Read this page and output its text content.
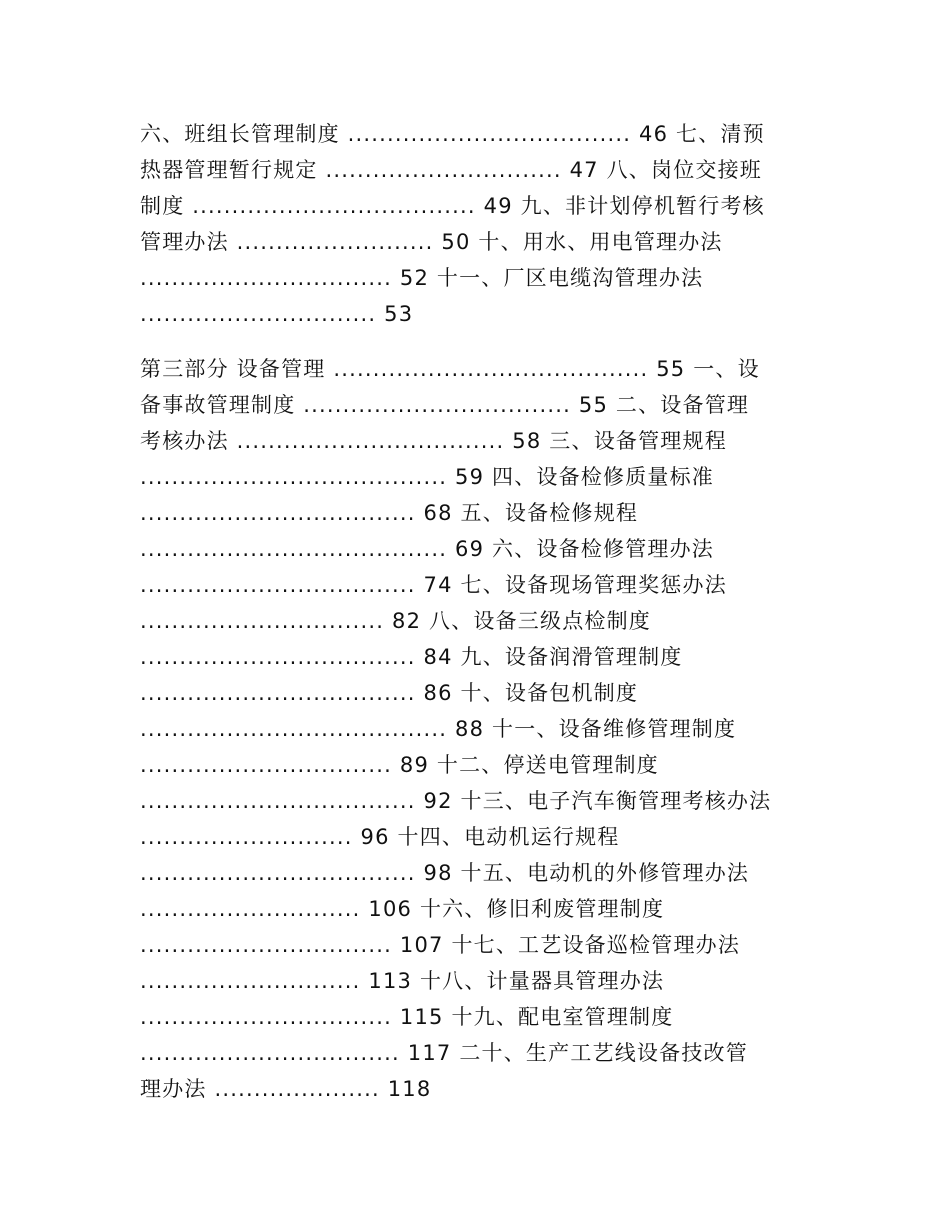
六、班组长管理制度 .................................... 46 七、清预
热器管理暂行规定 .............................. 47 八、岗位交接班
制度 .................................... 49 九、非计划停机暂行考核
管理办法 ......................... 50 十、用水、用电管理办法
................................ 52 十一、厂区电缆沟管理办法
.............................. 53
第三部分 设备管理 ........................................ 55 一、设
备事故管理制度 .................................. 55 二、设备管理
考核办法 .................................. 58 三、设备管理规程
....................................... 59 四、设备检修质量标准
................................... 68 五、设备检修规程
....................................... 69 六、设备检修管理办法
................................... 74 七、设备现场管理奖惩办法
............................... 82 八、设备三级点检制度
................................... 84 九、设备润滑管理制度
................................... 86 十、设备包机制度
....................................... 88 十一、设备维修管理制度
................................ 89 十二、停送电管理制度
................................... 92 十三、电子汽车衡管理考核办法
........................... 96 十四、电动机运行规程
................................... 98 十五、电动机的外修管理办法
............................ 106 十六、修旧利废管理制度
................................ 107 十七、工艺设备巡检管理办法
............................ 113 十八、计量器具管理办法
................................ 115 十九、配电室管理制度
................................. 117 二十、生产工艺线设备技改管
理办法 ..................... 118
